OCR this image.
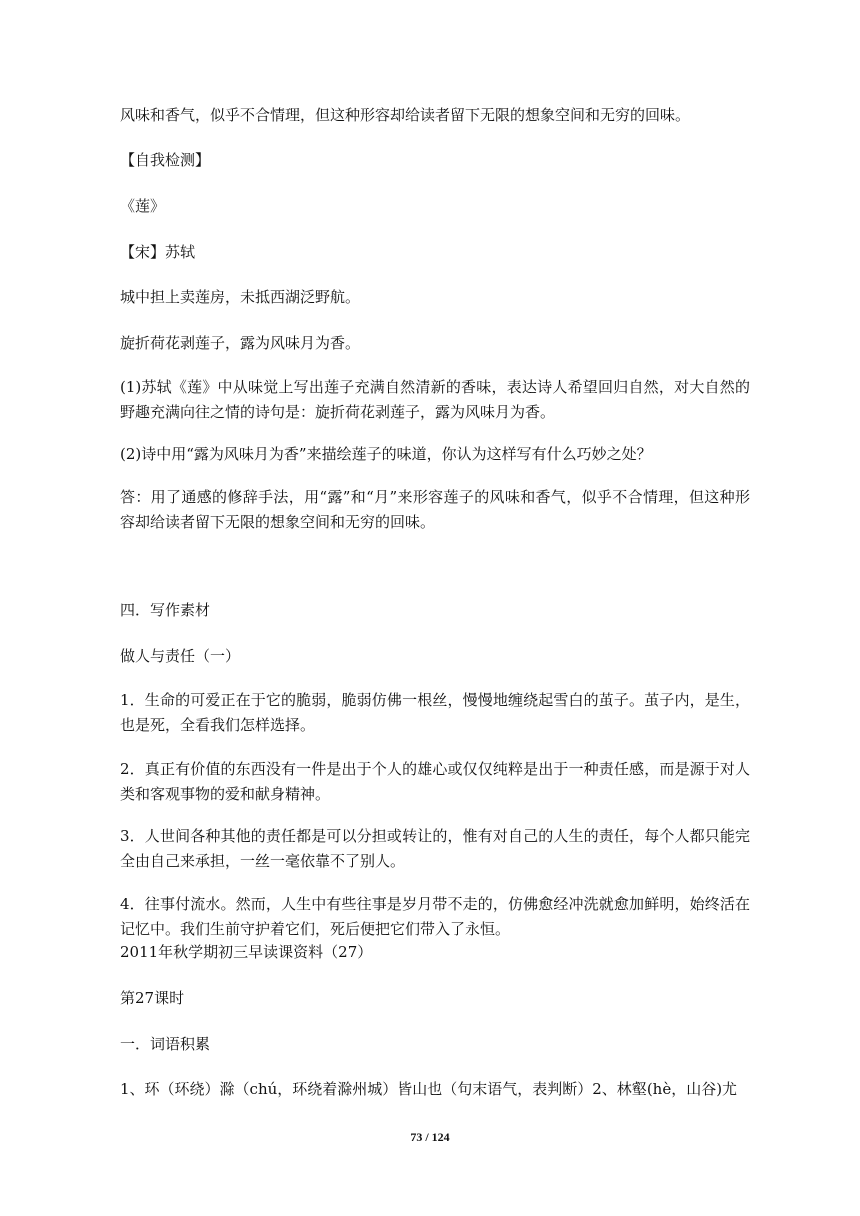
风味和香气，似乎不合情理，但这种形容却给读者留下无限的想象空间和无穷的回味。
【自我检测】
《莲》
【宋】苏轼
城中担上卖莲房，未抵西湖泛野航。
旋折荷花剥莲子，露为风味月为香。
(1)苏轼《莲》中从味觉上写出莲子充满自然清新的香味，表达诗人希望回归自然，对大自然的野趣充满向往之情的诗句是：旋折荷花剥莲子，露为风味月为香。
(2)诗中用“露为风味月为香”来描绘莲子的味道，你认为这样写有什么巧妙之处？
答：用了通感的修辞手法，用“露”和“月”来形容莲子的风味和香气，似乎不合情理，但这种形容却给读者留下无限的想象空间和无穷的回味。
四．写作素材
做人与责任（一）
1．生命的可爱正在于它的脆弱，脆弱仿佛一根丝，慢慢地缠绕起雪白的茧子。茧子内，是生，也是死，全看我们怎样选择。
2．真正有价值的东西没有一件是出于个人的雄心或仅仅纯粹是出于一种责任感，而是源于对人类和客观事物的爱和献身精神。
3．人世间各种其他的责任都是可以分担或转让的，惟有对自己的人生的责任，每个人都只能完全由自己来承担，一丝一毫依靠不了别人。
4．往事付流水。然而，人生中有些往事是岁月带不走的，仿佛愈经冲洗就愈加鲜明，始终活在记忆中。我们生前守护着它们，死后便把它们带入了永恒。
2011年秋学期初三早读课资料（27）
第27课时
一．词语积累
1、环（环绕）滁（chú，环绕着滁州城）皆山也（句末语气，表判断）2、林壑(hè，山谷)尤
73 / 124
